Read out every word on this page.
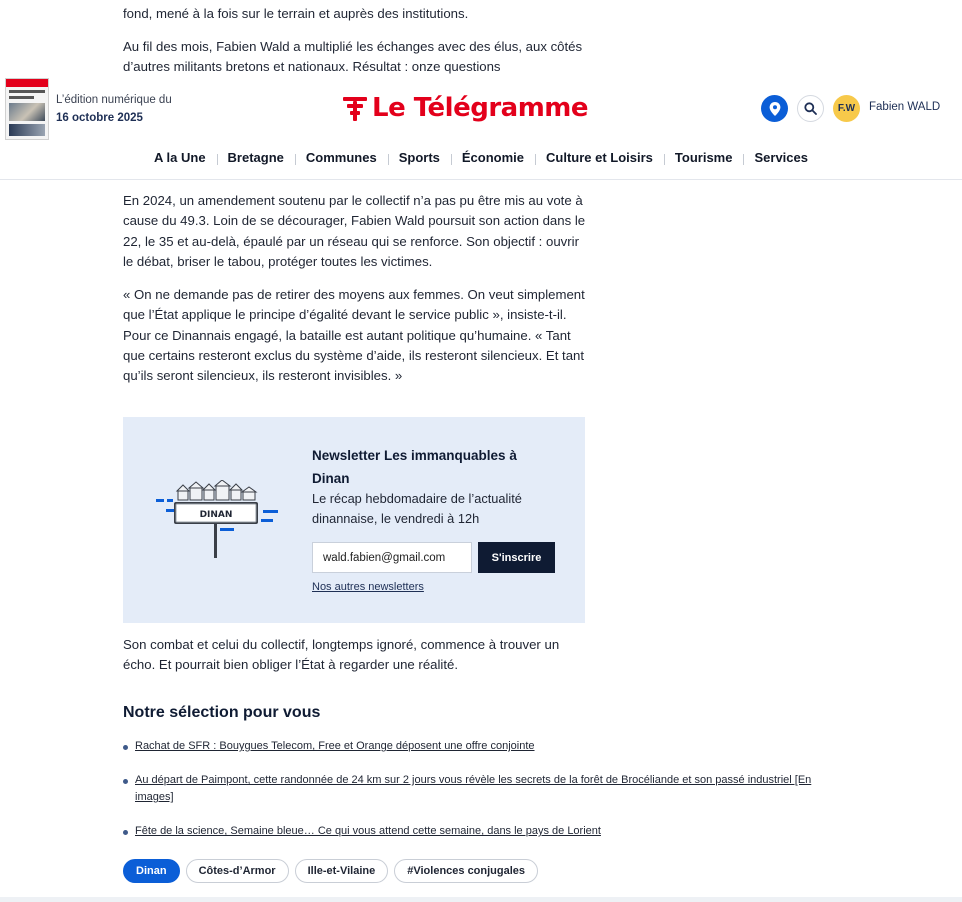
fond, mené à la fois sur le terrain et auprès des institutions.

Au fil des mois, Fabien Wald a multiplié les échanges avec des élus, aux côtés d’autres militants bretons et nationaux. Résultat : onze questions

L’édition numérique du
16 octobre 2025	Le Télégramme	F.W	Fabien WALD
A la Une	Bretagne	Communes	Sports	Économie	Culture et Loisirs	Tourisme	Services

En 2024, un amendement soutenu par le collectif n’a pas pu être mis au vote à cause du 49.3. Loin de se décourager, Fabien Wald poursuit son action dans le 22, le 35 et au-delà, épaulé par un réseau qui se renforce. Son objectif : ouvrir le débat, briser le tabou, protéger toutes les victimes.

« On ne demande pas de retirer des moyens aux femmes. On veut simplement que l’État applique le principe d’égalité devant le service public », insiste-t-il. Pour ce Dinannais engagé, la bataille est autant politique qu’humaine. « Tant que certains resteront exclus du système d’aide, ils resteront silencieux. Et tant qu’ils seront silencieux, ils resteront invisibles. »

DINAN
Newsletter Les immanquables à Dinan
Le récap hebdomadaire de l’actualité dinannaise, le vendredi à 12h
wald.fabien@gmail.com
S'inscrire
Nos autres newsletters

Son combat et celui du collectif, longtemps ignoré, commence à trouver un écho. Et pourrait bien obliger l’État à regarder une réalité.

Notre sélection pour vous
Rachat de SFR : Bouygues Telecom, Free et Orange déposent une offre conjointe
Au départ de Paimpont, cette randonnée de 24 km sur 2 jours vous révèle les secrets de la forêt de Brocéliande et son passé industriel [En images]
Fête de la science, Semaine bleue… Ce qui vous attend cette semaine, dans le pays de Lorient
Dinan	Côtes-d’Armor	Ille-et-Vilaine	#Violences conjugales
